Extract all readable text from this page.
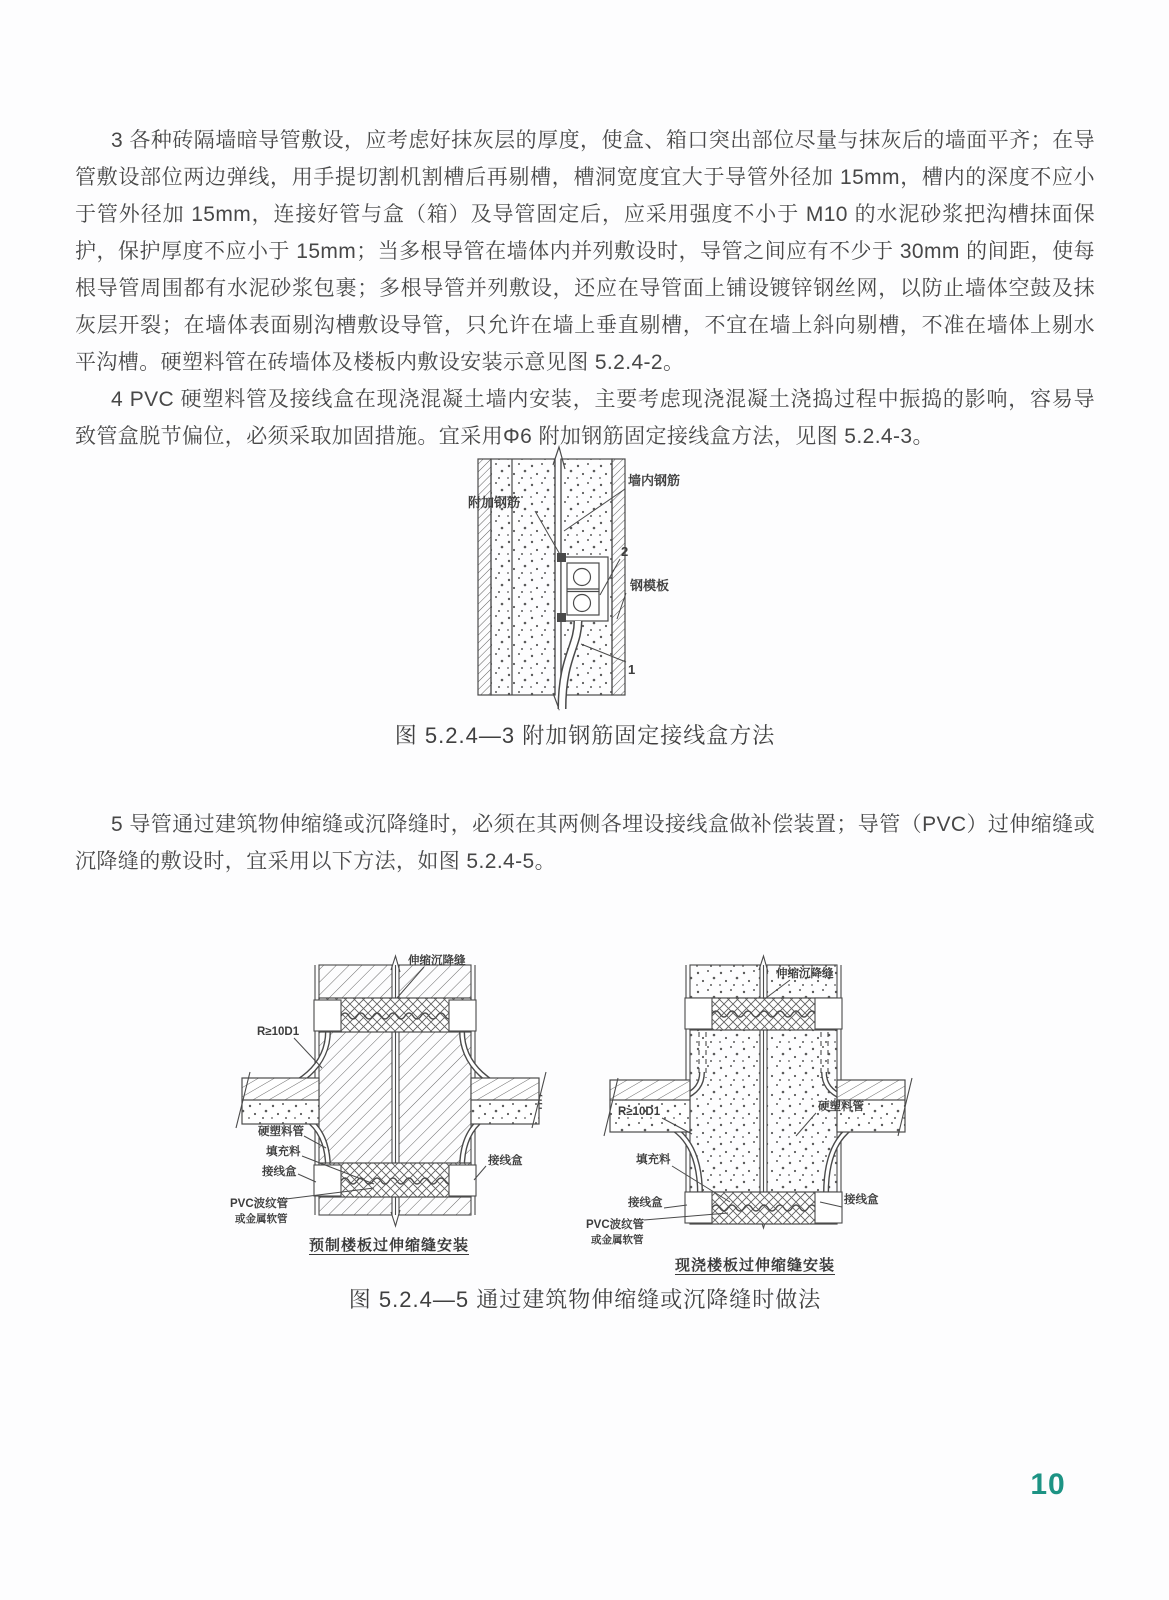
3 各种砖隔墙暗导管敷设，应考虑好抹灰层的厚度，使盒、箱口突出部位尽量与抹灰后的墙面平齐；在导管敷设部位两边弹线，用手提切割机割槽后再剔槽，槽洞宽度宜大于导管外径加 15mm，槽内的深度不应小于管外径加 15mm，连接好管与盒（箱）及导管固定后，应采用强度不小于 M10 的水泥砂浆把沟槽抹面保护，保护厚度不应小于 15mm；当多根导管在墙体内并列敷设时，导管之间应有不少于 30mm 的间距，使每根导管周围都有水泥砂浆包裹；多根导管并列敷设，还应在导管面上铺设镀锌钢丝网，以防止墙体空鼓及抹灰层开裂；在墙体表面剔沟槽敷设导管，只允许在墙上垂直剔槽，不宜在墙上斜向剔槽，不准在墙体上剔水平沟槽。硬塑料管在砖墙体及楼板内敷设安装示意见图 5.2.4-2。

4 PVC 硬塑料管及接线盒在现浇混凝土墙内安装，主要考虑现浇混凝土浇捣过程中振捣的影响，容易导致管盒脱节偏位，必须采取加固措施。宜采用Φ6 附加钢筋固定接线盒方法，见图 5.2.4-3。

附加钢筋
墙内钢筋
2
钢模板
1
图 5.2.4—3 附加钢筋固定接线盒方法

5 导管通过建筑物伸缩缝或沉降缝时，必须在其两侧各埋设接线盒做补偿装置；导管（PVC）过伸缩缝或沉降缝的敷设时，宜采用以下方法，如图 5.2.4-5。

伸缩沉降缝
R≥10D1
硬塑料管
填充料
接线盒
接线盒
PVC波纹管
或金属软管
预制楼板过伸缩缝安装
伸缩沉降缝
R≥10D1
填充料
接线盒
硬塑料管
接线盒
PVC波纹管
或金属软管
现浇楼板过伸缩缝安装
图 5.2.4—5 通过建筑物伸缩缝或沉降缝时做法
10
